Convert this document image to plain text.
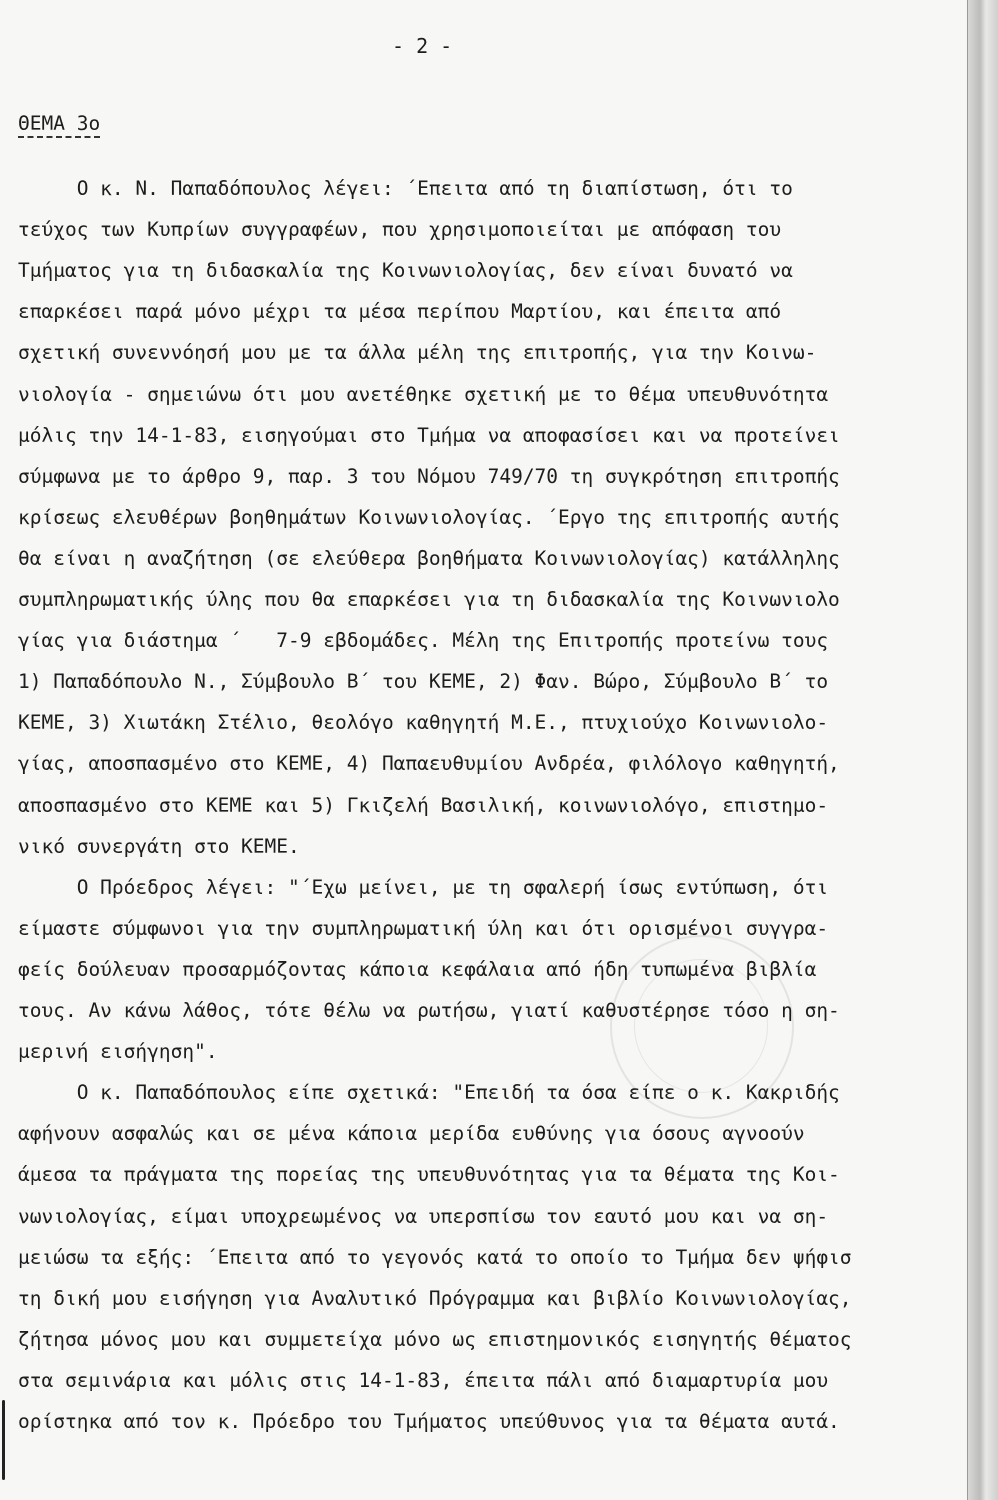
- 2 -
ΘΕΜΑ 3ο
Ο κ. Ν. Παπαδόπουλος λέγει: ΄Επειτα από τη διαπίστωση, ότι το
τεύχος των Κυπρίων συγγραφέων, που χρησιμοποιείται με απόφαση του
Τμήματος για τη διδασκαλία της Κοινωνιολογίας, δεν είναι δυνατό να
επαρκέσει παρά μόνο μέχρι τα μέσα περίπου Μαρτίου, και έπειτα από
σχετική συνεννόησή μου με τα άλλα μέλη της επιτροπής, για την Κοινω-
νιολογία - σημειώνω ότι μου ανετέθηκε σχετική με το θέμα υπευθυνότητα
μόλις την 14-1-83, εισηγούμαι στο Τμήμα να αποφασίσει και να προτείνει
σύμφωνα με το άρθρο 9, παρ. 3 του Νόμου 749/70 τη συγκρότηση επιτροπής
κρίσεως ελευθέρων βοηθημάτων Κοινωνιολογίας. ΄Εργο της επιτροπής αυτής
θα είναι η αναζήτηση (σε ελεύθερα βοηθήματα Κοινωνιολογίας) κατάλληλης
συμπληρωματικής ύλης που θα επαρκέσει για τη διδασκαλία της Κοινωνιολο
γίας για διάστημα ΄   7-9 εβδομάδες. Μέλη της Επιτροπής προτείνω τους
1) Παπαδόπουλο Ν., Σύμβουλο Β΄ του ΚΕΜΕ, 2) Φαν. Βώρο, Σύμβουλο Β΄ το
ΚΕΜΕ, 3) Χιωτάκη Στέλιο, θεολόγο καθηγητή Μ.Ε., πτυχιούχο Κοινωνιολο-
γίας, αποσπασμένο στο ΚΕΜΕ, 4) Παπαευθυμίου Ανδρέα, φιλόλογο καθηγητή,
αποσπασμένο στο ΚΕΜΕ και 5) Γκιζελή Βασιλική, κοινωνιολόγο, επιστημο-
νικό συνεργάτη στο ΚΕΜΕ.
Ο Πρόεδρος λέγει: "΄Εχω μείνει, με τη σφαλερή ίσως εντύπωση, ότι
είμαστε σύμφωνοι για την συμπληρωματική ύλη και ότι ορισμένοι συγγρα-
φείς δούλευαν προσαρμόζοντας κάποια κεφάλαια από ήδη τυπωμένα βιβλία
τους. Αν κάνω λάθος, τότε θέλω να ρωτήσω, γιατί καθυστέρησε τόσο η ση-
μερινή εισήγηση".
Ο κ. Παπαδόπουλος είπε σχετικά: "Επειδή τα όσα είπε ο κ. Κακριδής
αφήνουν ασφαλώς και σε μένα κάποια μερίδα ευθύνης για όσους αγνοούν
άμεσα τα πράγματα της πορείας της υπευθυνότητας για τα θέματα της Κοι-
νωνιολογίας, είμαι υποχρεωμένος να υπερσπίσω τον εαυτό μου και να ση-
μειώσω τα εξής: ΄Επειτα από το γεγονός κατά το οποίο το Τμήμα δεν ψήφισ
τη δική μου εισήγηση για Αναλυτικό Πρόγραμμα και βιβλίο Κοινωνιολογίας,
ζήτησα μόνος μου και συμμετείχα μόνο ως επιστημονικός εισηγητής θέματος
στα σεμινάρια και μόλις στις 14-1-83, έπειτα πάλι από διαμαρτυρία μου
ορίστηκα από τον κ. Πρόεδρο του Τμήματος υπεύθυνος για τα θέματα αυτά.
